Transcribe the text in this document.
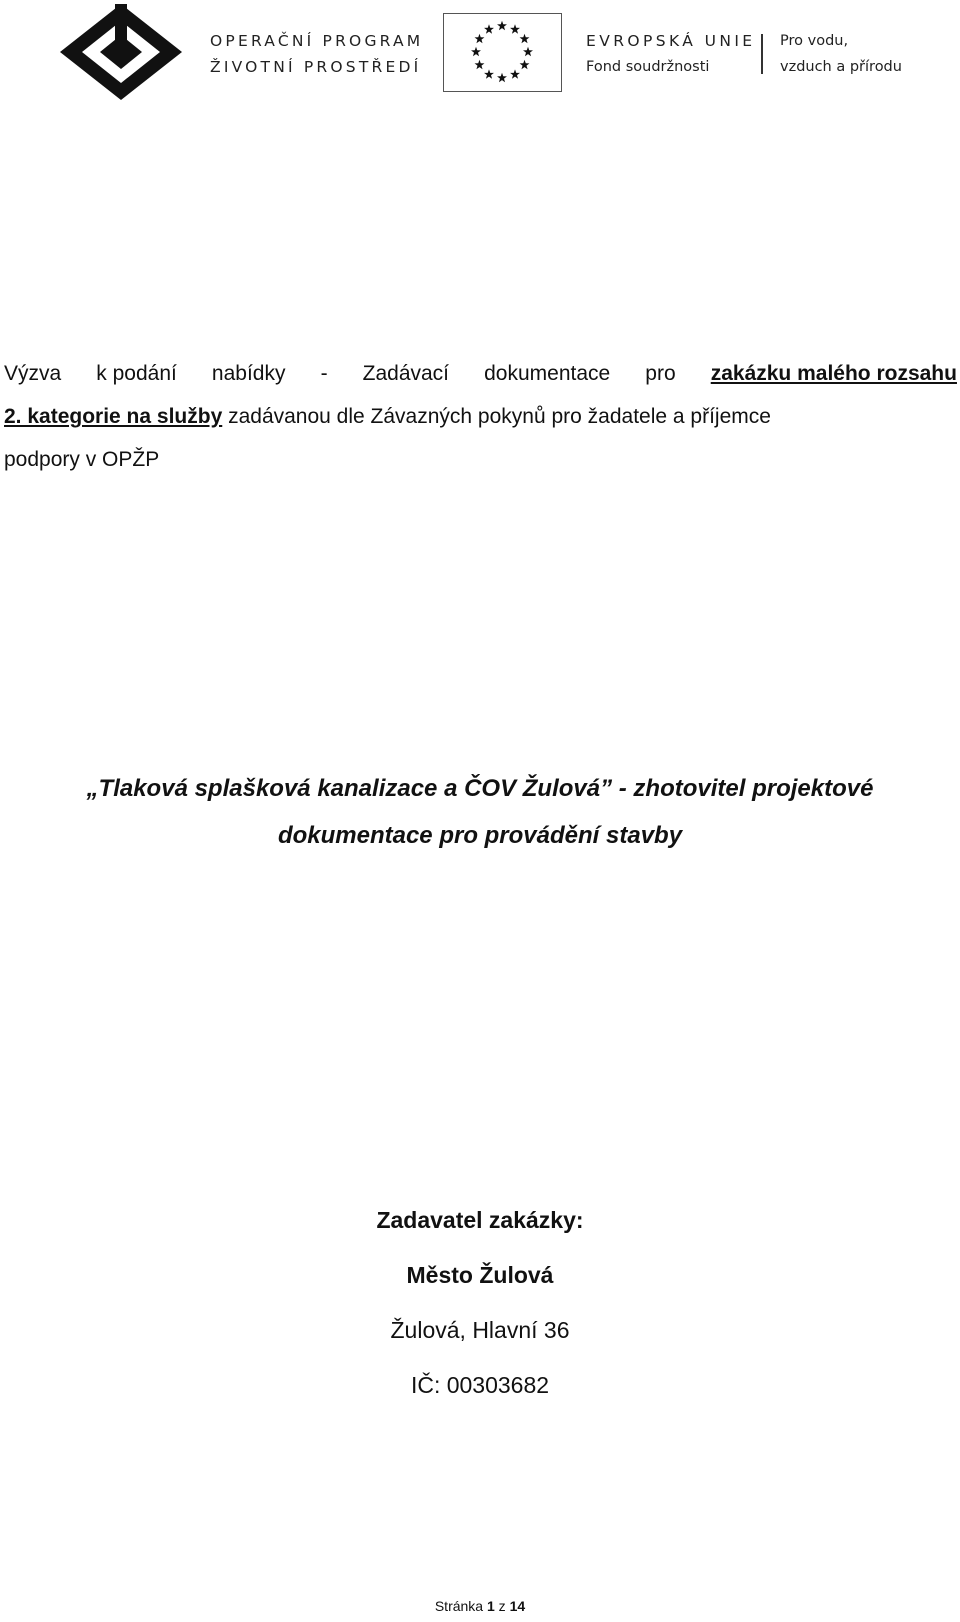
OPERAČNÍ PROGRAM
ŽIVOTNÍ PROSTŘEDÍ
EVROPSKÁ UNIE
Fond soudržnosti
Pro vodu,
vzduch a přírodu
Výzva k podání nabídky - Zadávací dokumentace pro zakázku malého rozsahu
2. kategorie na služby
zadávanou dle Závazných pokynů pro žadatele a příjemce
podpory v OPŽP
„Tlaková splašková kanalizace a ČOV Žulová” - zhotovitel projektové
dokumentace pro provádění stavby
Zadavatel zakázky:
Město Žulová
Žulová, Hlavní 36
IČ: 00303682
Stránka 1 z 14
